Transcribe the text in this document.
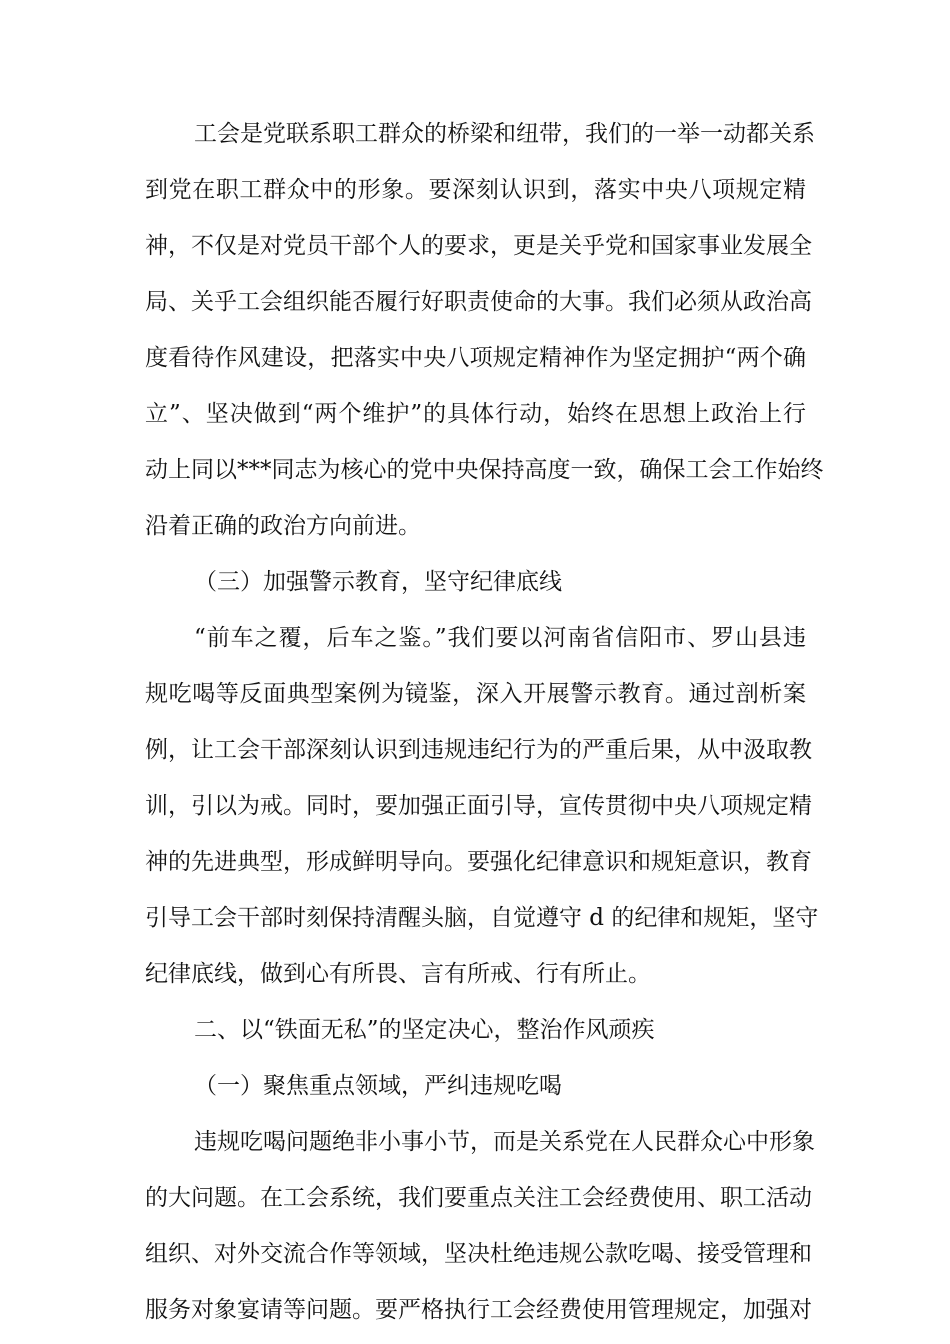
工会是党联系职工群众的桥梁和纽带，我们的一举一动都关系
到党在职工群众中的形象。要深刻认识到，落实中央八项规定精
神，不仅是对党员干部个人的要求，更是关乎党和国家事业发展全
局、关乎工会组织能否履行好职责使命的大事。我们必须从政治高
度看待作风建设，把落实中央八项规定精神作为坚定拥护“两个确
立”、坚决做到“两个维护”的具体行动，始终在思想上政治上行
动上同以***同志为核心的党中央保持高度一致，确保工会工作始终
沿着正确的政治方向前进。
（三）加强警示教育，坚守纪律底线
“前车之覆，后车之鉴。”我们要以河南省信阳市、罗山县违
规吃喝等反面典型案例为镜鉴，深入开展警示教育。通过剖析案
例，让工会干部深刻认识到违规违纪行为的严重后果，从中汲取教
训，引以为戒。同时，要加强正面引导，宣传贯彻中央八项规定精
神的先进典型，形成鲜明导向。要强化纪律意识和规矩意识，教育
引导工会干部时刻保持清醒头脑，自觉遵守 d 的纪律和规矩，坚守
纪律底线，做到心有所畏、言有所戒、行有所止。
二、以“铁面无私”的坚定决心，整治作风顽疾
（一）聚焦重点领域，严纠违规吃喝
违规吃喝问题绝非小事小节，而是关系党在人民群众心中形象
的大问题。在工会系统，我们要重点关注工会经费使用、职工活动
组织、对外交流合作等领域，坚决杜绝违规公款吃喝、接受管理和
服务对象宴请等问题。要严格执行工会经费使用管理规定，加强对
